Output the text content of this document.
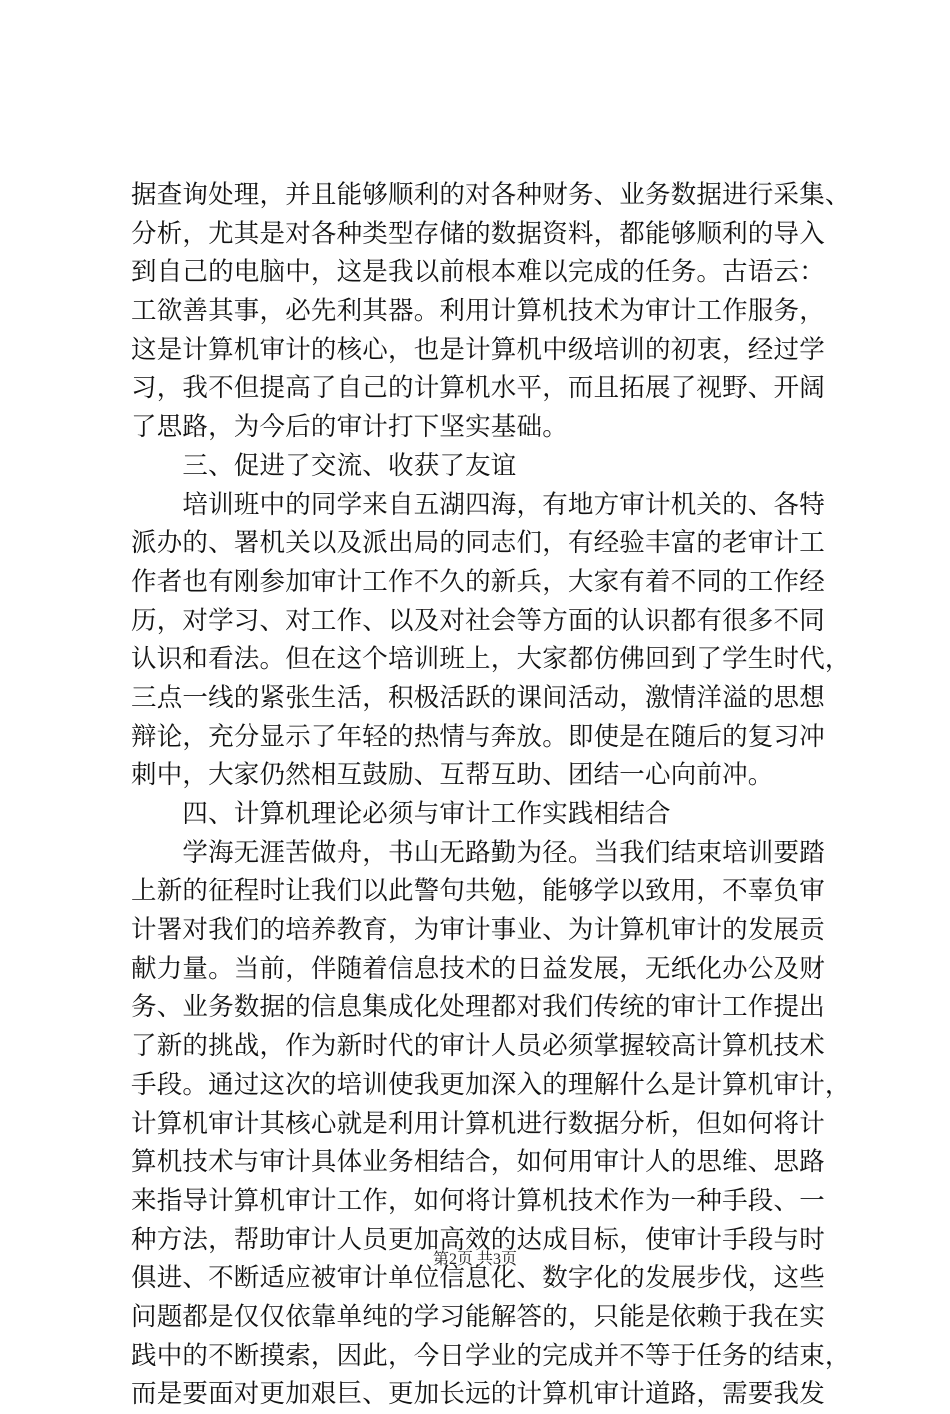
据查询处理，并且能够顺利的对各种财务、业务数据进行采集、
分析，尤其是对各种类型存储的数据资料，都能够顺利的导入
到自己的电脑中，这是我以前根本难以完成的任务。古语云：
工欲善其事，必先利其器。利用计算机技术为审计工作服务，
这是计算机审计的核心，也是计算机中级培训的初衷，经过学
习，我不但提高了自己的计算机水平，而且拓展了视野、开阔
了思路，为今后的审计打下坚实基础。
　　三、促进了交流、收获了友谊
　　培训班中的同学来自五湖四海，有地方审计机关的、各特
派办的、署机关以及派出局的同志们，有经验丰富的老审计工
作者也有刚参加审计工作不久的新兵，大家有着不同的工作经
历，对学习、对工作、以及对社会等方面的认识都有很多不同
认识和看法。但在这个培训班上，大家都仿佛回到了学生时代，
三点一线的紧张生活，积极活跃的课间活动，激情洋溢的思想
辩论，充分显示了年轻的热情与奔放。即使是在随后的复习冲
刺中，大家仍然相互鼓励、互帮互助、团结一心向前冲。
　　四、计算机理论必须与审计工作实践相结合
　　学海无涯苦做舟，书山无路勤为径。当我们结束培训要踏
上新的征程时让我们以此警句共勉，能够学以致用，不辜负审
计署对我们的培养教育，为审计事业、为计算机审计的发展贡
献力量。当前，伴随着信息技术的日益发展，无纸化办公及财
务、业务数据的信息集成化处理都对我们传统的审计工作提出
了新的挑战，作为新时代的审计人员必须掌握较高计算机技术
手段。通过这次的培训使我更加深入的理解什么是计算机审计，
计算机审计其核心就是利用计算机进行数据分析，但如何将计
算机技术与审计具体业务相结合，如何用审计人的思维、思路
来指导计算机审计工作，如何将计算机技术作为一种手段、一
种方法，帮助审计人员更加高效的达成目标，使审计手段与时
俱进、不断适应被审计单位信息化、数字化的发展步伐，这些
问题都是仅仅依靠单纯的学习能解答的，只能是依赖于我在实
践中的不断摸索，因此，今日学业的完成并不等于任务的结束，
而是要面对更加艰巨、更加长远的计算机审计道路，需要我发
第2页 共3页
